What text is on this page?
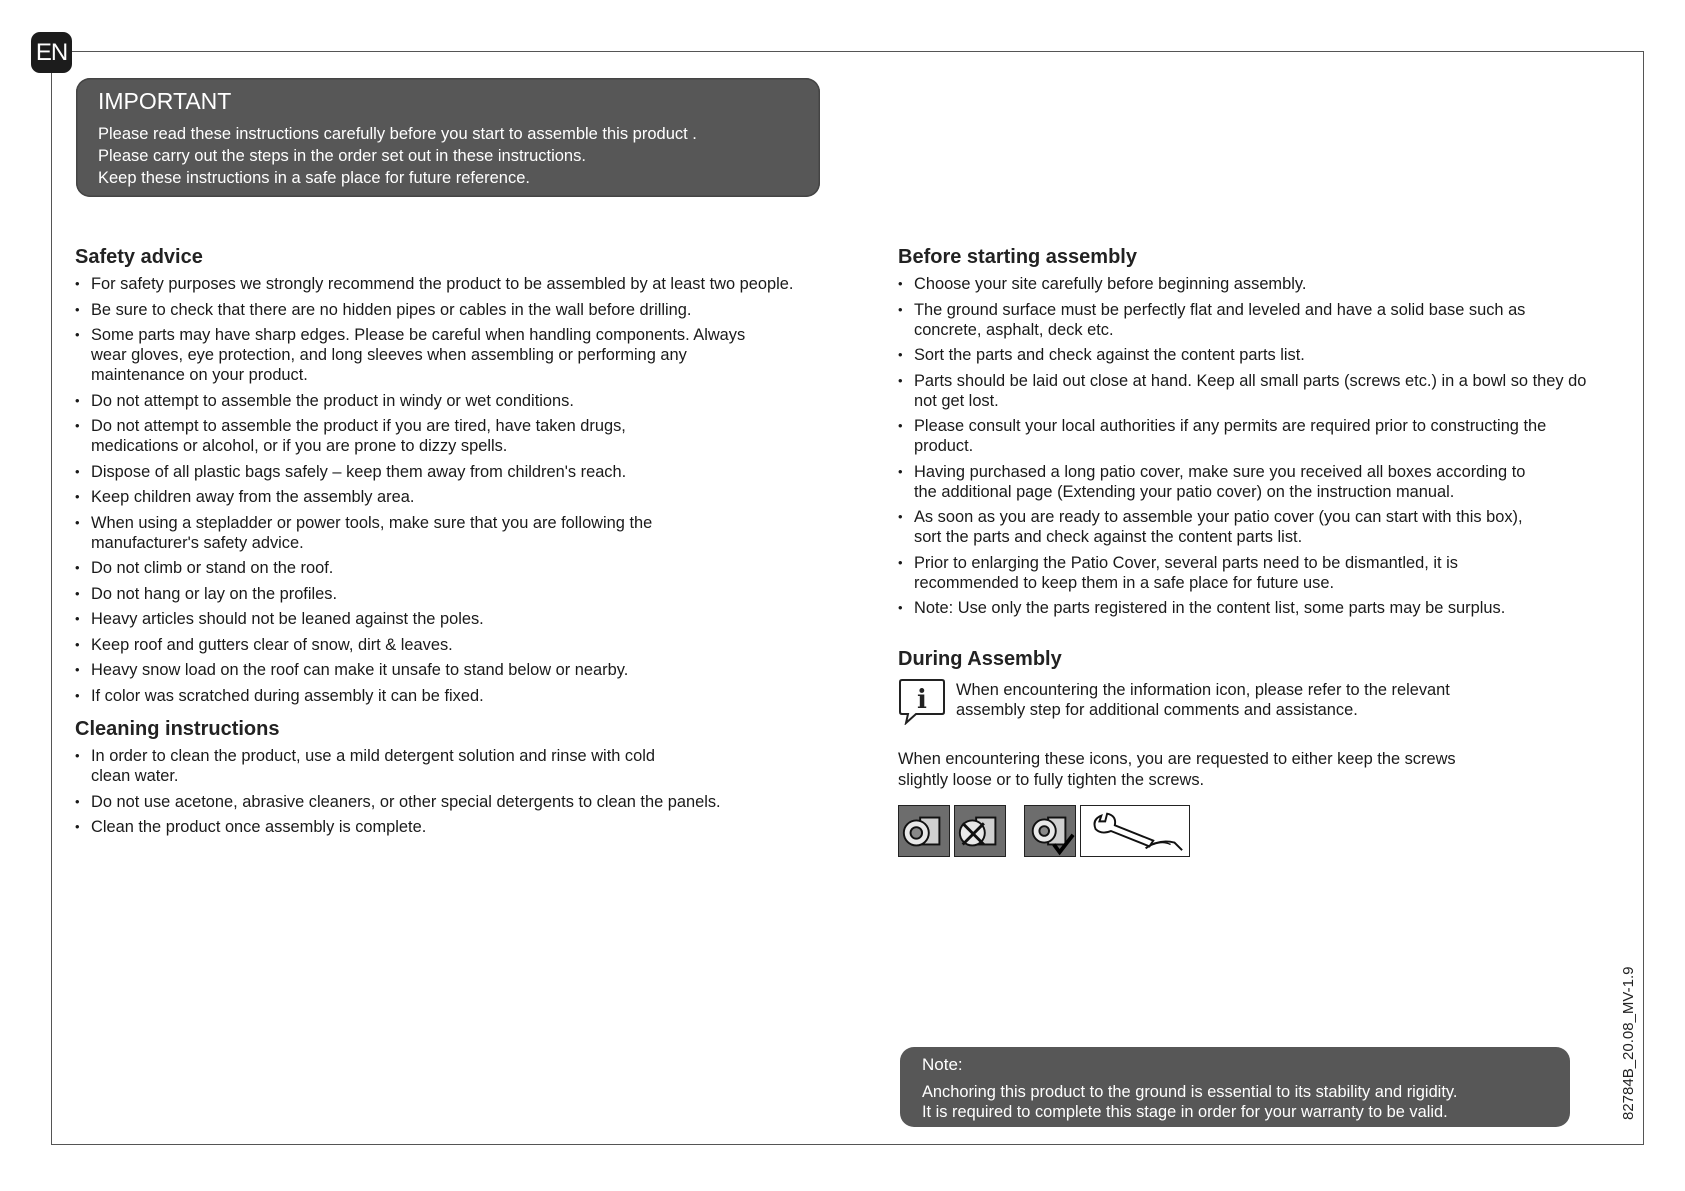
EN
IMPORTANT
Please read these instructions carefully before you start to assemble this product .
Please carry out the steps in the order set out in these instructions.
Keep these instructions in a safe place for future reference.
Safety advice
• For safety purposes we strongly recommend the product to be assembled by at least two people.
• Be sure to check that there are no hidden pipes or cables in the wall before drilling.
• Some parts may have sharp edges. Please be careful when handling components. Always wear gloves, eye protection, and long sleeves when assembling or performing any maintenance on your product.
• Do not attempt to assemble the product in windy or wet conditions.
• Do not attempt to assemble the product if you are tired, have taken drugs, medications or alcohol, or if you are prone to dizzy spells.
• Dispose of all plastic bags safely – keep them away from children's reach.
• Keep children away from the assembly area.
• When using a stepladder or power tools, make sure that you are following the manufacturer's safety advice.
• Do not climb or stand on the roof.
• Do not hang or lay on the profiles.
• Heavy articles should not be leaned against the poles.
• Keep roof and gutters clear of snow, dirt & leaves.
• Heavy snow load on the roof can make it unsafe to stand below or nearby.
• If color was scratched during assembly it can be fixed.
Cleaning instructions
• In order to clean the product, use a mild detergent solution and rinse with cold clean water.
• Do not use acetone, abrasive cleaners, or other special detergents to clean the panels.
• Clean the product once assembly is complete.
Before starting assembly
• Choose your site carefully before beginning assembly.
• The ground surface must be perfectly flat and leveled and have a solid base such as concrete, asphalt, deck etc.
• Sort the parts and check against the content parts list.
• Parts should be laid out close at hand. Keep all small parts (screws etc.) in a bowl so they do not get lost.
• Please consult your local authorities if any permits are required prior to constructing the product.
• Having purchased a long patio cover, make sure you received all boxes according to the additional page (Extending your patio cover) on the instruction manual.
• As soon as you are ready to assemble your patio cover (you can start with this box), sort the parts and check against the content parts list.
• Prior to enlarging the Patio Cover, several parts need to be dismantled, it is recommended to keep them in a safe place for future use.
• Note: Use only the parts registered in the content list, some parts may be surplus.
During Assembly
i When encountering the information icon, please refer to the relevant assembly step for additional comments and assistance.
When encountering these icons, you are requested to either keep the screws slightly loose or to fully tighten the screws.
Note:
Anchoring this product to the ground is essential to its stability and rigidity.
It is required to complete this stage in order for your warranty to be valid.	82784B_20.08_MV-1.9
